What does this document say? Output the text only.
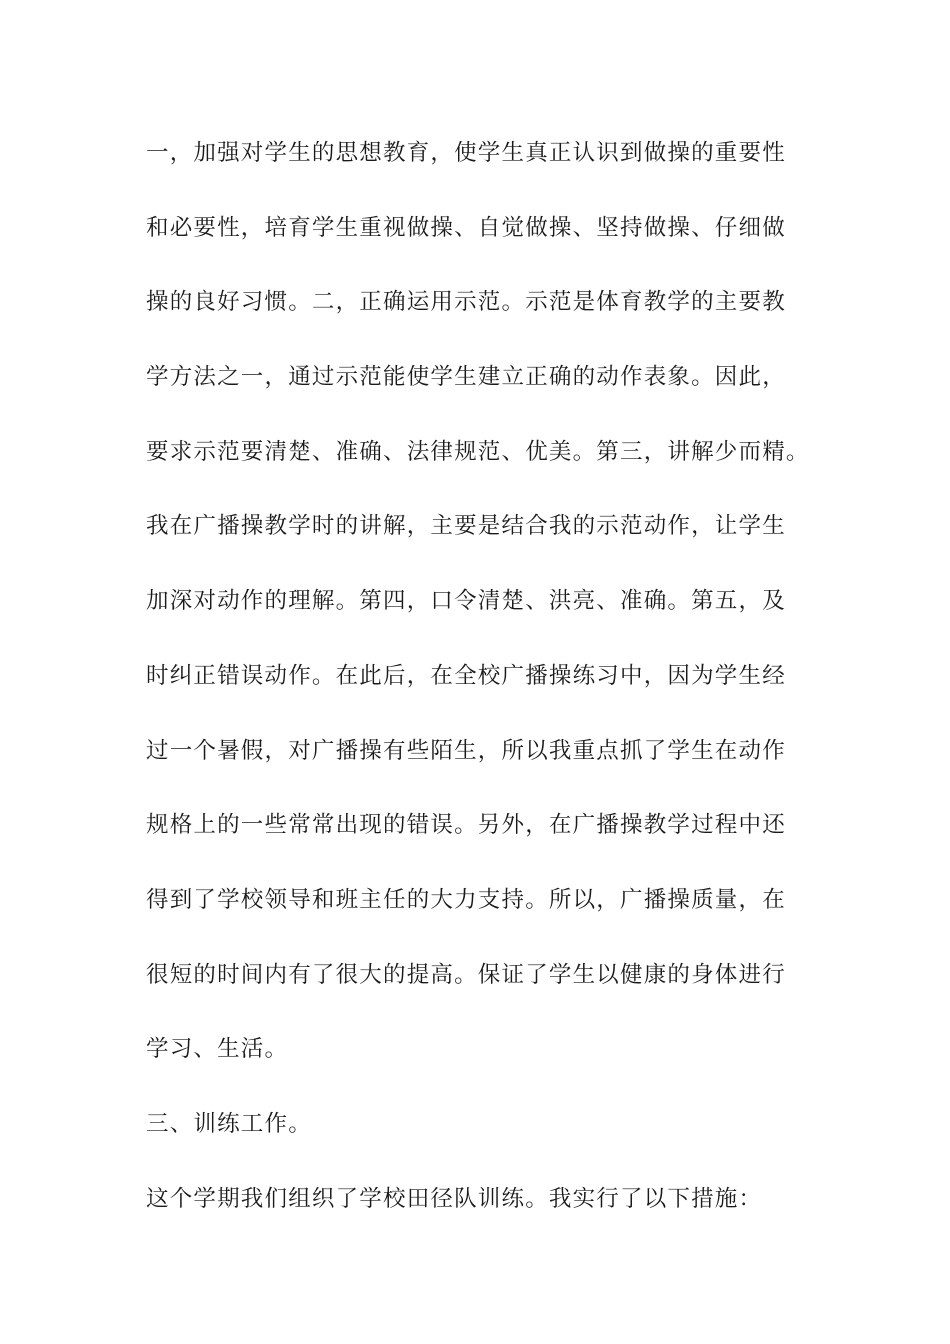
一，加强对学生的思想教育，使学生真正认识到做操的重要性
和必要性，培育学生重视做操、自觉做操、坚持做操、仔细做
操的良好习惯。二，正确运用示范。示范是体育教学的主要教
学方法之一，通过示范能使学生建立正确的动作表象。因此，
要求示范要清楚、准确、法律规范、优美。第三，讲解少而精。
我在广播操教学时的讲解，主要是结合我的示范动作，让学生
加深对动作的理解。第四，口令清楚、洪亮、准确。第五，及
时纠正错误动作。在此后，在全校广播操练习中，因为学生经
过一个暑假，对广播操有些陌生，所以我重点抓了学生在动作
规格上的一些常常出现的错误。另外，在广播操教学过程中还
得到了学校领导和班主任的大力支持。所以，广播操质量，在
很短的时间内有了很大的提高。保证了学生以健康的身体进行
学习、生活。
三、训练工作。
这个学期我们组织了学校田径队训练。我实行了以下措施：
